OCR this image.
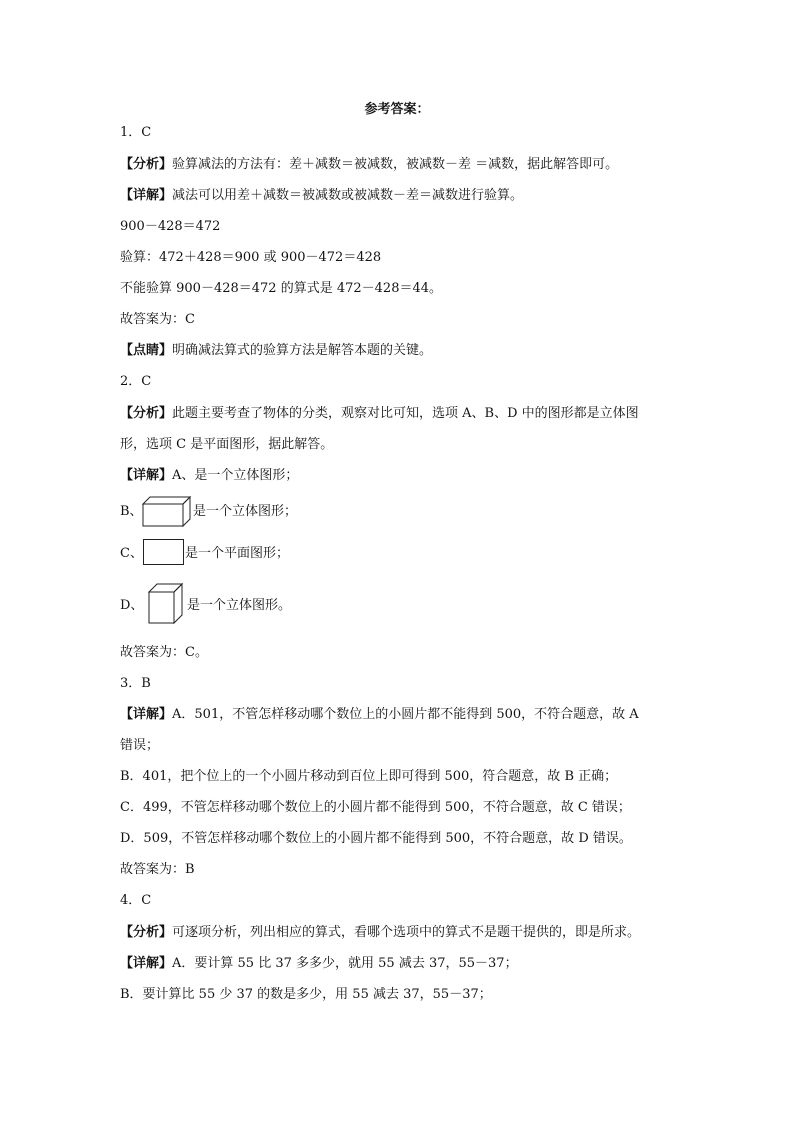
参考答案：
1．C
【分析】验算减法的方法有：差＋减数＝被减数，被减数－差 ＝减数，据此解答即可。
【详解】减法可以用差＋减数＝被减数或被减数－差＝减数进行验算。
900－428＝472
验算：472＋428＝900 或 900－472＝428
不能验算 900－428＝472 的算式是 472－428＝44。
故答案为：C
【点睛】明确减法算式的验算方法是解答本题的关键。
2．C
【分析】此题主要考查了物体的分类，观察对比可知，选项 A、B、D 中的图形都是立体图
形，选项 C 是平面图形，据此解答。
【详解】A、是一个立体图形；
B、	是一个立体图形；
C、	是一个平面图形；
D、	是一个立体图形。
故答案为：C。
3．B
【详解】A．501，不管怎样移动哪个数位上的小圆片都不能得到 500，不符合题意，故 A
错误；
B．401，把个位上的一个小圆片移动到百位上即可得到 500，符合题意，故 B 正确；
C．499，不管怎样移动哪个数位上的小圆片都不能得到 500，不符合题意，故 C 错误；
D．509，不管怎样移动哪个数位上的小圆片都不能得到 500，不符合题意，故 D 错误。
故答案为：B
4．C
【分析】可逐项分析，列出相应的算式，看哪个选项中的算式不是题干提供的，即是所求。
【详解】A．要计算 55 比 37 多多少，就用 55 减去 37，55－37；
B．要计算比 55 少 37 的数是多少，用 55 减去 37，55－37；
